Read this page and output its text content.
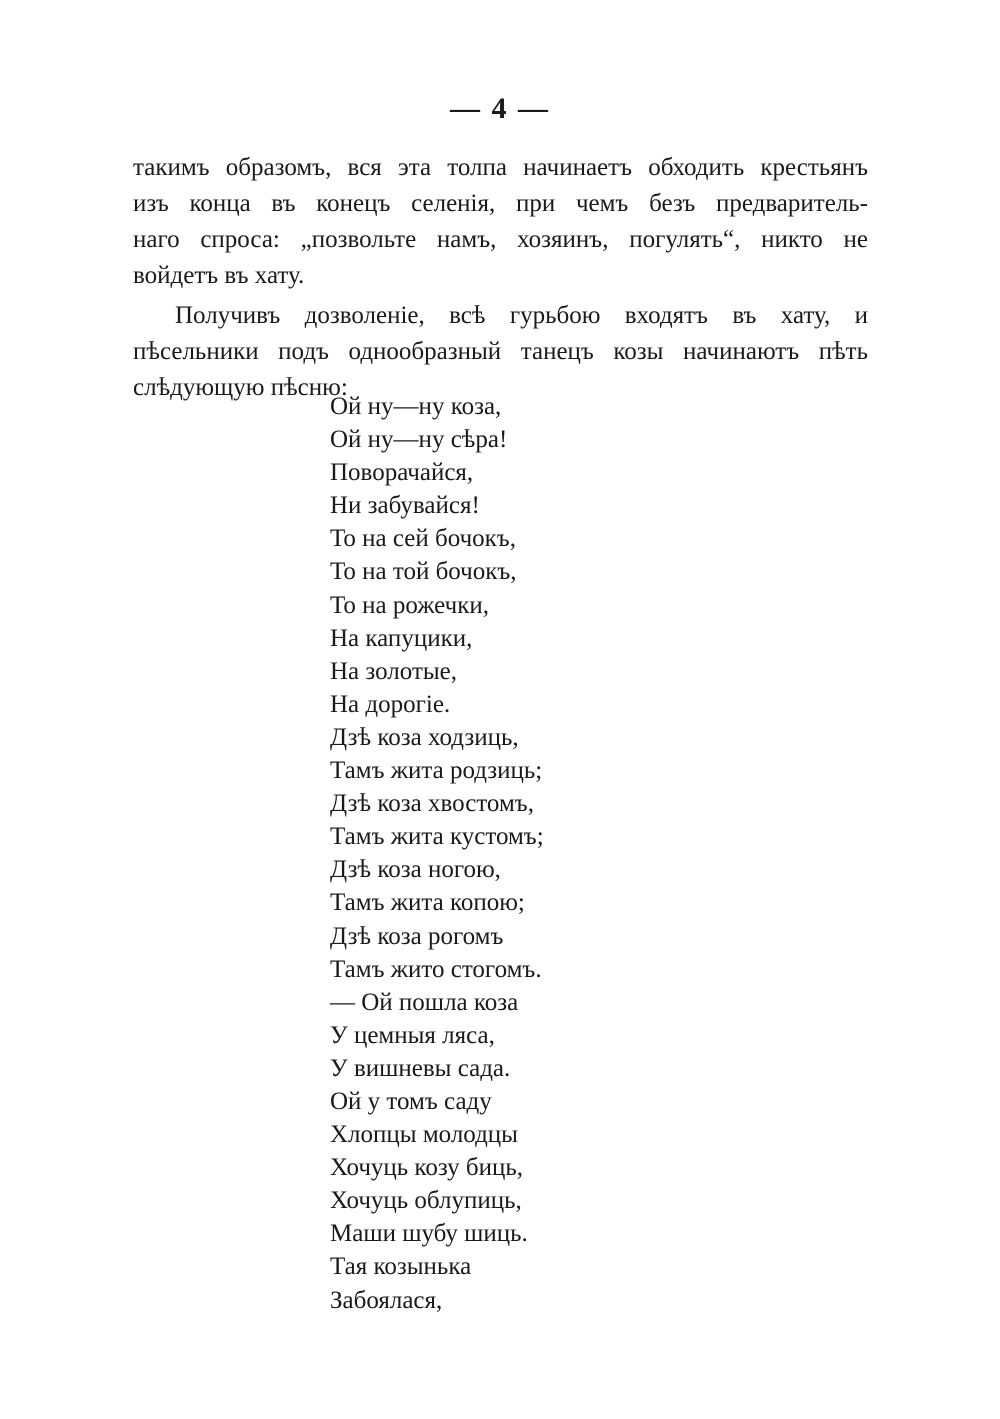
— 4 —
такимъ образомъ, вся эта толпа начинаетъ обходить крестьянъ
изъ конца въ конецъ селенія, при чемъ безъ предваритель-
наго спроса: „позвольте намъ, хозяинъ, погулять“, никто не
войдетъ въ хату.
Получивъ дозволеніе, всѣ гурьбою входятъ въ хату, и
пѣсельники подъ однообразный танецъ козы начинаютъ пѣть
слѣдующую пѣсню:
Ой ну—ну коза,
Ой ну—ну сѣра!
Поворачайся,
Ни забувайся!
То на сей бочокъ,
То на той бочокъ,
То на рожечки,
На капуцики,
На золотые,
На дорогіе.
Дзѣ коза ходзиць,
Тамъ жита родзиць;
Дзѣ коза хвостомъ,
Тамъ жита кустомъ;
Дзѣ коза ногою,
Тамъ жита копою;
Дзѣ коза рогомъ
Тамъ жито стогомъ.
— Ой пошла коза
У цемныя ляса,
У вишневы сада.
Ой у томъ саду
Хлопцы молодцы
Хочуць козу биць,
Хочуць облупиць,
Маши шубу шиць.
Тая козынька
Забоялася,
